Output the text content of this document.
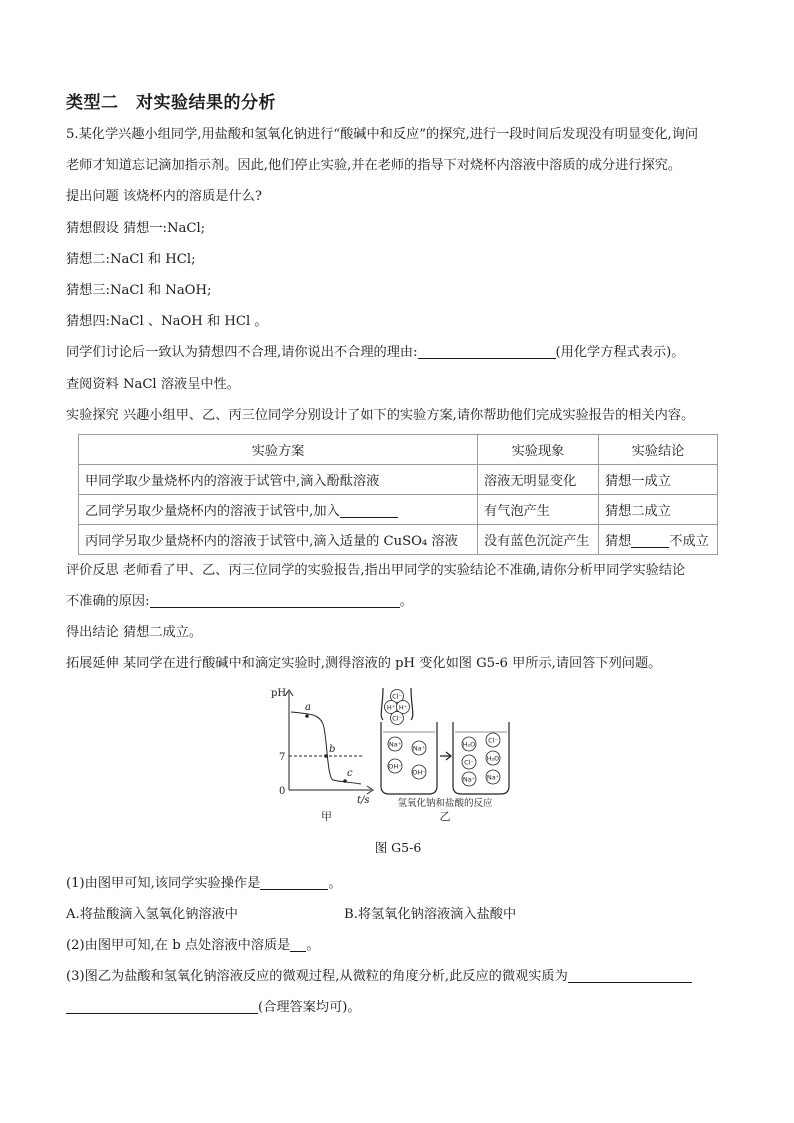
类型二　对实验结果的分析
5.某化学兴趣小组同学,用盐酸和氢氧化钠进行“酸碱中和反应”的探究,进行一段时间后发现没有明显变化,询问
老师才知道忘记滴加指示剂。因此,他们停止实验,并在老师的指导下对烧杯内溶液中溶质的成分进行探究。
提出问题 该烧杯内的溶质是什么?
猜想假设 猜想一:NaCl;
猜想二:NaCl 和 HCl;
猜想三:NaCl 和 NaOH;
猜想四:NaCl 、NaOH 和 HCl 。
同学们讨论后一致认为猜想四不合理,请你说出不合理的理由:	(用化学方程式表示)。
查阅资料 NaCl 溶液呈中性。
实验探究 兴趣小组甲、乙、丙三位同学分别设计了如下的实验方案,请你帮助他们完成实验报告的相关内容。
实验方案	实验现象	实验结论
甲同学取少量烧杯内的溶液于试管中,滴入酚酞溶液	溶液无明显变化	猜想一成立
乙同学另取少量烧杯内的溶液于试管中,加入	有气泡产生	猜想二成立
丙同学另取少量烧杯内的溶液于试管中,滴入适量的 CuSO₄ 溶液	没有蓝色沉淀产生	猜想 不成立
评价反思 老师看了甲、乙、丙三位同学的实验报告,指出甲同学的实验结论不准确,请你分析甲同学实验结论
不准确的原因:	。
得出结论 猜想二成立。
拓展延伸 某同学在进行酸碱中和滴定实验时,测得溶液的 pH 变化如图 G5-6 甲所示,请回答下列问题。
pH
t/s
0
7
a
b
c
甲
Cl⁻
H⁺ H⁺
Cl⁻
Na⁺ Na⁺
OH⁻
OH⁻
H₂O Cl⁻
Cl⁻ H₂O
Na⁺ Na⁺
氢氧化钠和盐酸的反应
乙
图 G5-6
(1)由图甲可知,该同学实验操作是	。
A.将盐酸滴入氢氧化钠溶液中	B.将氢氧化钠溶液滴入盐酸中
(2)由图甲可知,在 b 点处溶液中溶质是 。
(3)图乙为盐酸和氢氧化钠溶液反应的微观过程,从微粒的角度分析,此反应的微观实质为
(合理答案均可)。
